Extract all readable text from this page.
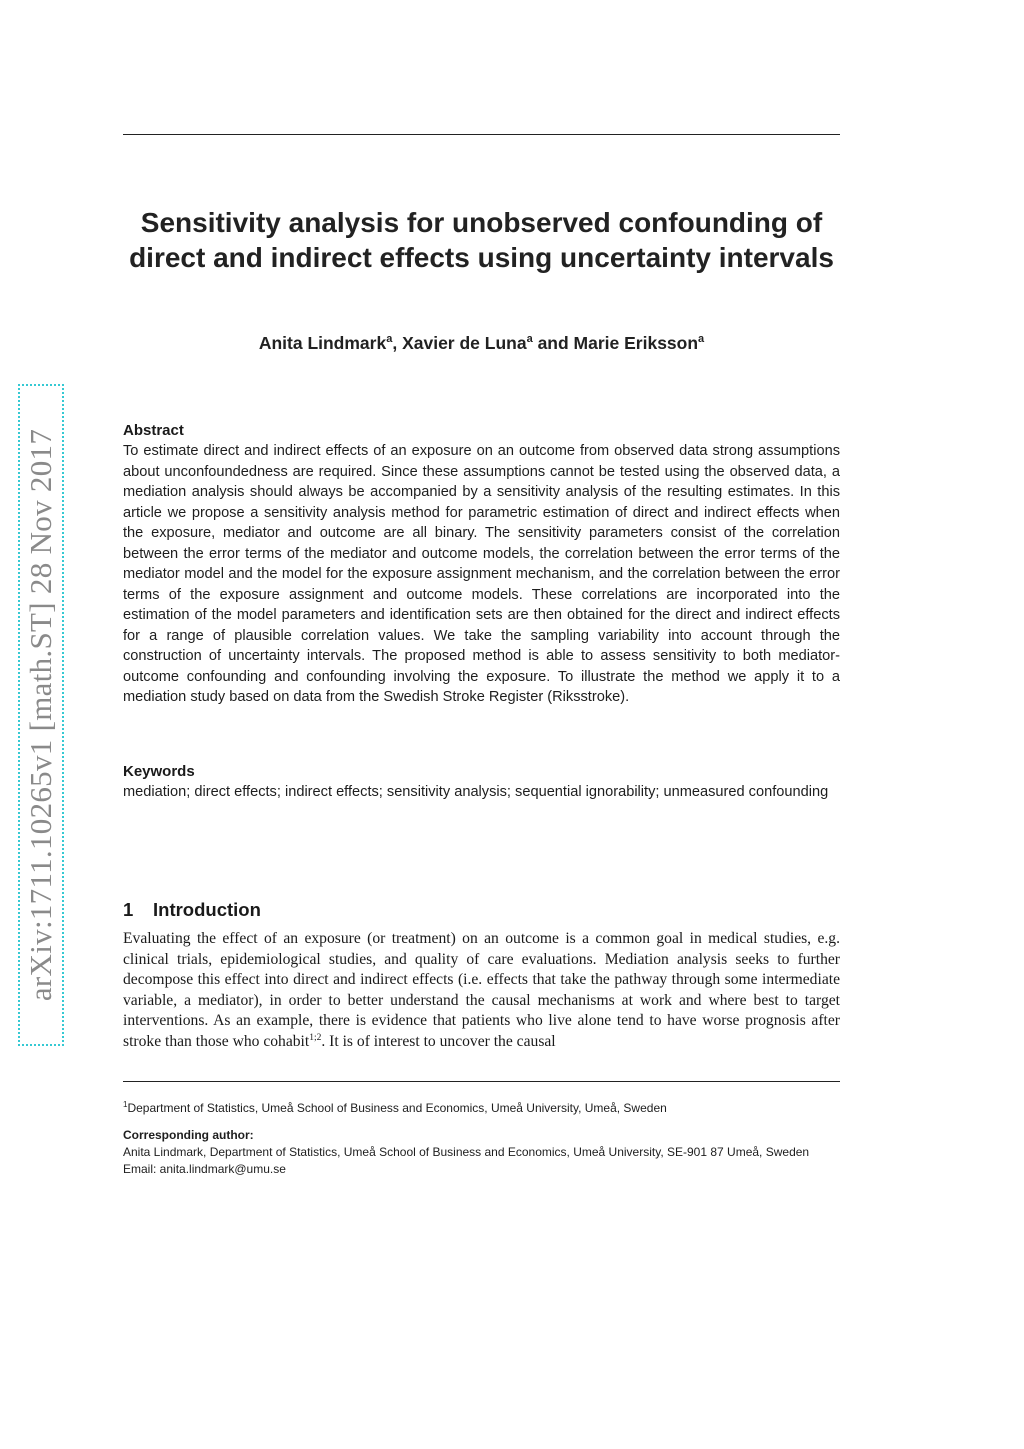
arXiv:1711.10265v1 [math.ST] 28 Nov 2017
Sensitivity analysis for unobserved confounding of direct and indirect effects using uncertainty intervals
Anita Lindmark$^a$, Xavier de Luna$^a$ and Marie Eriksson$^a$
Abstract
To estimate direct and indirect effects of an exposure on an outcome from observed data strong assumptions about unconfoundedness are required. Since these assumptions cannot be tested using the observed data, a mediation analysis should always be accompanied by a sensitivity analysis of the resulting estimates. In this article we propose a sensitivity analysis method for parametric estimation of direct and indirect effects when the exposure, mediator and outcome are all binary. The sensitivity parameters consist of the correlation between the error terms of the mediator and outcome models, the correlation between the error terms of the mediator model and the model for the exposure assignment mechanism, and the correlation between the error terms of the exposure assignment and outcome models. These correlations are incorporated into the estimation of the model parameters and identification sets are then obtained for the direct and indirect effects for a range of plausible correlation values. We take the sampling variability into account through the construction of uncertainty intervals. The proposed method is able to assess sensitivity to both mediator-outcome confounding and confounding involving the exposure. To illustrate the method we apply it to a mediation study based on data from the Swedish Stroke Register (Riksstroke).
Keywords
mediation; direct effects; indirect effects; sensitivity analysis; sequential ignorability; unmeasured confounding
1 Introduction
Evaluating the effect of an exposure (or treatment) on an outcome is a common goal in medical studies, e.g. clinical trials, epidemiological studies, and quality of care evaluations. Mediation analysis seeks to further decompose this effect into direct and indirect effects (i.e. effects that take the pathway through some intermediate variable, a mediator), in order to better understand the causal mechanisms at work and where best to target interventions. As an example, there is evidence that patients who live alone tend to have worse prognosis after stroke than those who cohabit$^{1;2}$. It is of interest to uncover the causal
$^1$Department of Statistics, Umeå School of Business and Economics, Umeå University, Umeå, Sweden
Corresponding author:
Anita Lindmark, Department of Statistics, Umeå School of Business and Economics, Umeå University, SE-901 87 Umeå, Sweden
Email: anita.lindmark@umu.se
